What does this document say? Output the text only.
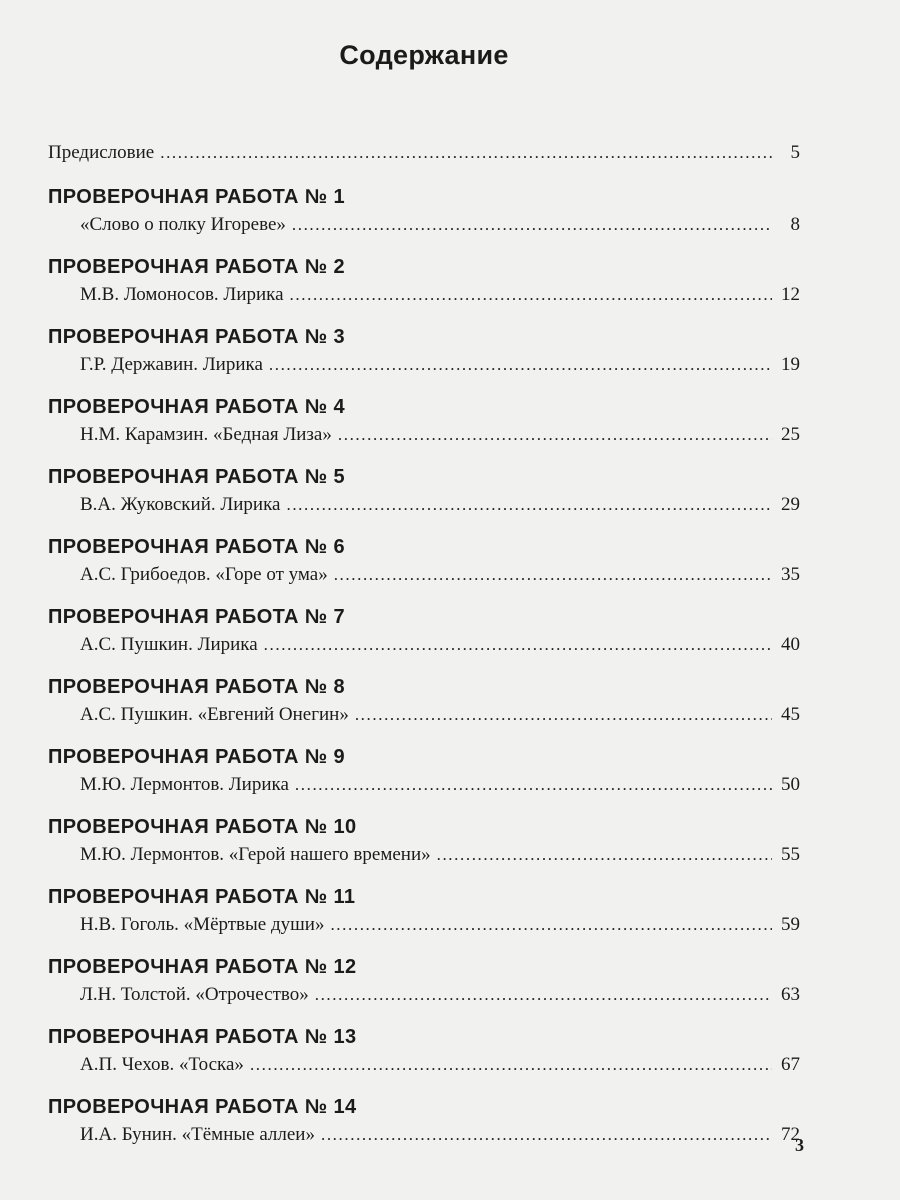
Содержание
Предисловие .....	5
ПРОВЕРОЧНАЯ РАБОТА № 1
«Слово о полку Игореве» .....	8
ПРОВЕРОЧНАЯ РАБОТА № 2
М.В. Ломоносов. Лирика .....	12
ПРОВЕРОЧНАЯ РАБОТА № 3
Г.Р. Державин. Лирика .....	19
ПРОВЕРОЧНАЯ РАБОТА № 4
Н.М. Карамзин. «Бедная Лиза» .....	25
ПРОВЕРОЧНАЯ РАБОТА № 5
В.А. Жуковский. Лирика .....	29
ПРОВЕРОЧНАЯ РАБОТА № 6
А.С. Грибоедов. «Горе от ума» .....	35
ПРОВЕРОЧНАЯ РАБОТА № 7
А.С. Пушкин. Лирика .....	40
ПРОВЕРОЧНАЯ РАБОТА № 8
А.С. Пушкин. «Евгений Онегин» .....	45
ПРОВЕРОЧНАЯ РАБОТА № 9
М.Ю. Лермонтов. Лирика .....	50
ПРОВЕРОЧНАЯ РАБОТА № 10
М.Ю. Лермонтов. «Герой нашего времени» .....	55
ПРОВЕРОЧНАЯ РАБОТА № 11
Н.В. Гоголь. «Мёртвые души» .....	59
ПРОВЕРОЧНАЯ РАБОТА № 12
Л.Н. Толстой. «Отрочество» .....	63
ПРОВЕРОЧНАЯ РАБОТА № 13
А.П. Чехов. «Тоска» .....	67
ПРОВЕРОЧНАЯ РАБОТА № 14
И.А. Бунин. «Тёмные аллеи» .....	72
3
